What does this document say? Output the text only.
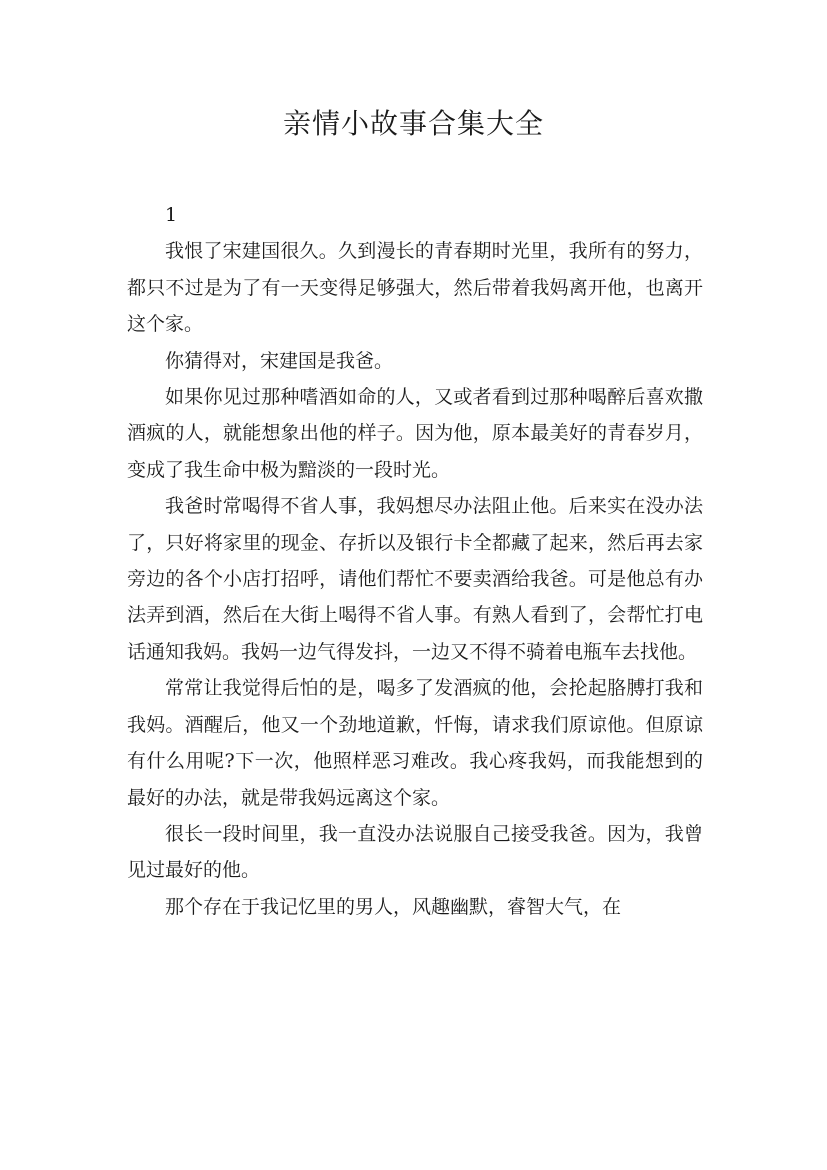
亲情小故事合集大全

1

我恨了宋建国很久。久到漫长的青春期时光里，我所有的努力，都只不过是为了有一天变得足够强大，然后带着我妈离开他，也离开这个家。

你猜得对，宋建国是我爸。

如果你见过那种嗜酒如命的人，又或者看到过那种喝醉后喜欢撒酒疯的人，就能想象出他的样子。因为他，原本最美好的青春岁月，变成了我生命中极为黯淡的一段时光。

我爸时常喝得不省人事，我妈想尽办法阻止他。后来实在没办法了，只好将家里的现金、存折以及银行卡全都藏了起来，然后再去家旁边的各个小店打招呼，请他们帮忙不要卖酒给我爸。可是他总有办法弄到酒，然后在大街上喝得不省人事。有熟人看到了，会帮忙打电话通知我妈。我妈一边气得发抖，一边又不得不骑着电瓶车去找他。

常常让我觉得后怕的是，喝多了发酒疯的他，会抡起胳膊打我和我妈。酒醒后，他又一个劲地道歉，忏悔，请求我们原谅他。但原谅有什么用呢?下一次，他照样恶习难改。我心疼我妈，而我能想到的最好的办法，就是带我妈远离这个家。

很长一段时间里，我一直没办法说服自己接受我爸。因为，我曾见过最好的他。

那个存在于我记忆里的男人，风趣幽默，睿智大气，在
